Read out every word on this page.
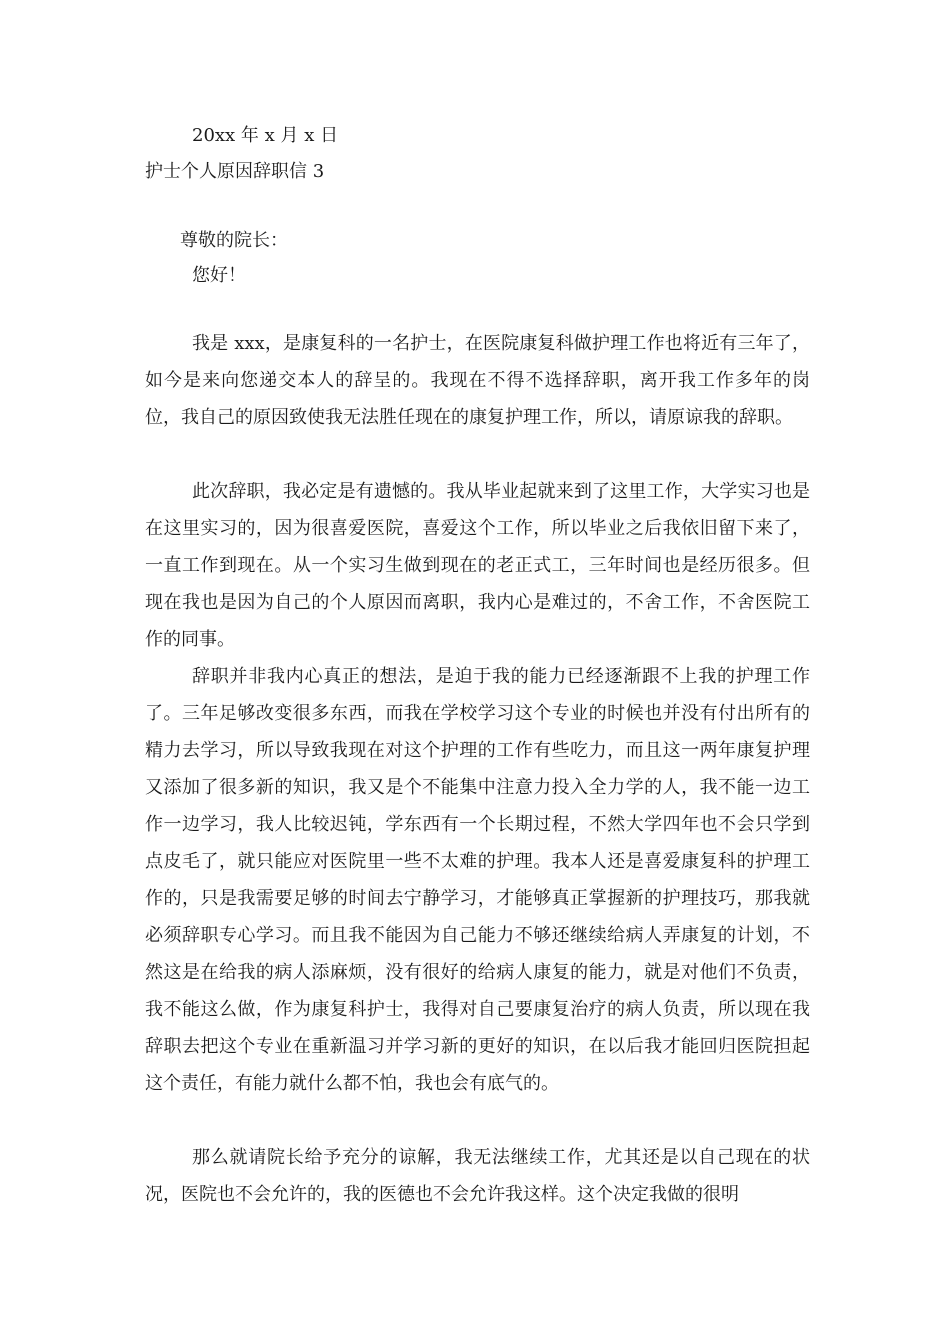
20xx 年 x 月 x 日

护士个人原因辞职信 3

尊敬的院长：

您好！

我是 xxx，是康复科的一名护士，在医院康复科做护理工作也将近有三年了，如今是来向您递交本人的辞呈的。我现在不得不选择辞职，离开我工作多年的岗位，我自己的原因致使我无法胜任现在的康复护理工作，所以，请原谅我的辞职。

此次辞职，我必定是有遗憾的。我从毕业起就来到了这里工作，大学实习也是在这里实习的，因为很喜爱医院，喜爱这个工作，所以毕业之后我依旧留下来了，一直工作到现在。从一个实习生做到现在的老正式工，三年时间也是经历很多。但现在我也是因为自己的个人原因而离职，我内心是难过的，不舍工作，不舍医院工作的同事。

辞职并非我内心真正的想法，是迫于我的能力已经逐渐跟不上我的护理工作了。三年足够改变很多东西，而我在学校学习这个专业的时候也并没有付出所有的精力去学习，所以导致我现在对这个护理的工作有些吃力，而且这一两年康复护理又添加了很多新的知识，我又是个不能集中注意力投入全力学的人，我不能一边工作一边学习，我人比较迟钝，学东西有一个长期过程，不然大学四年也不会只学到点皮毛了，就只能应对医院里一些不太难的护理。我本人还是喜爱康复科的护理工作的，只是我需要足够的时间去宁静学习，才能够真正掌握新的护理技巧，那我就必须辞职专心学习。而且我不能因为自己能力不够还继续给病人弄康复的计划，不然这是在给我的病人添麻烦，没有很好的给病人康复的能力，就是对他们不负责，我不能这么做，作为康复科护士，我得对自己要康复治疗的病人负责，所以现在我辞职去把这个专业在重新温习并学习新的更好的知识，在以后我才能回归医院担起这个责任，有能力就什么都不怕，我也会有底气的。

那么就请院长给予充分的谅解，我无法继续工作，尤其还是以自己现在的状况，医院也不会允许的，我的医德也不会允许我这样。这个决定我做的很明
